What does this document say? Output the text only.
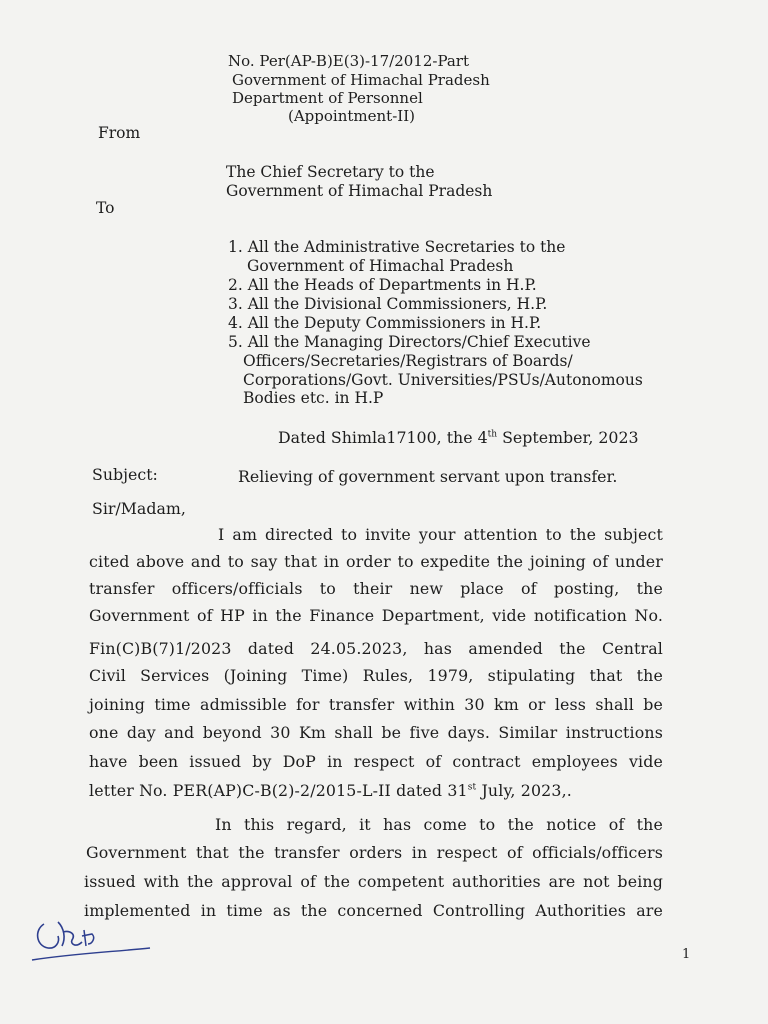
No. Per(AP-B)E(3)-17/2012-Part
Government of Himachal Pradesh
Department of Personnel
(Appointment-II)
From
The Chief Secretary to the
Government of Himachal Pradesh
To
1. All the Administrative Secretaries to the
Government of Himachal Pradesh
2. All the Heads of Departments in H.P.
3. All the Divisional Commissioners, H.P.
4. All the Deputy Commissioners in H.P.
5. All the Managing Directors/Chief Executive
Officers/Secretaries/Registrars of Boards/
Corporations/Govt. Universities/PSUs/Autonomous
Bodies etc. in H.P
Dated Shimla17100, the 4th September, 2023
Subject:	Relieving of government servant upon transfer.
Sir/Madam,
I am directed to invite your attention to the subject
cited above and to say that in order to expedite the joining of under
transfer officers/officials to their new place of posting, the
Government of HP in the Finance Department, vide notification No.
Fin(C)B(7)1/2023 dated 24.05.2023, has amended the Central
Civil Services (Joining Time) Rules, 1979, stipulating that the
joining time admissible for transfer within 30 km or less shall be
one day and beyond 30 Km shall be five days. Similar instructions
have been issued by DoP in respect of contract employees vide
letter No. PER(AP)C-B(2)-2/2015-L-II dated 31st July, 2023,.
In this regard, it has come to the notice of the
Government that the transfer orders in respect of officials/officers
issued with the approval of the competent authorities are not being
implemented in time as the concerned Controlling Authorities are
1
